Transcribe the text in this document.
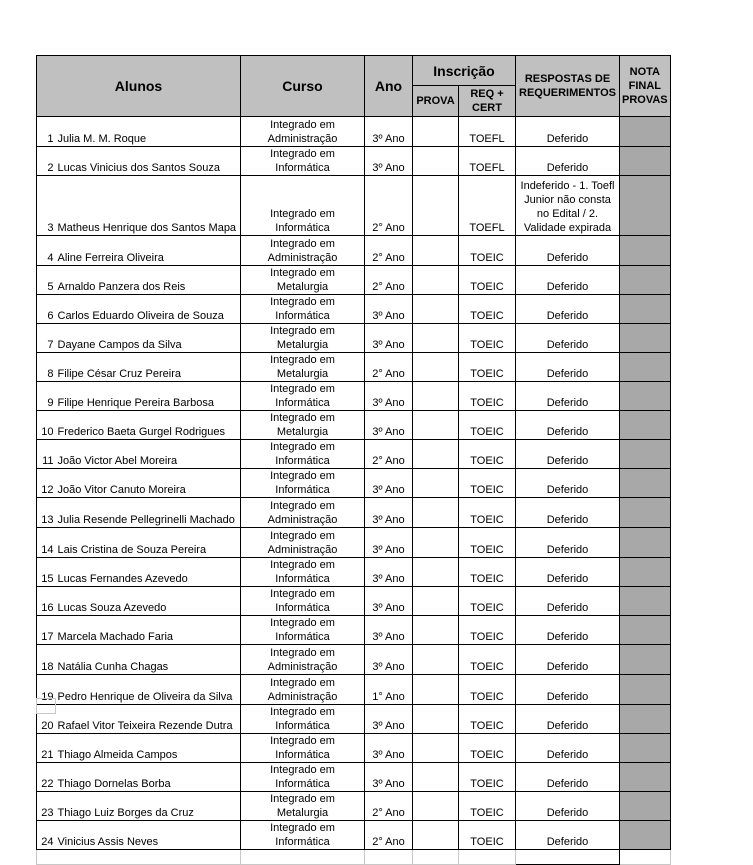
Alunos		Curso	Ano	Inscrição		RESPOSTAS DE
REQUERIMENTOS	NOTA
FINAL
PROVAS
				PROVA	REQ +
CERT		
1	Julia M. M. Roque	Integrado em Administração	3º Ano		TOEFL	Deferido	
2	Lucas Vinicius dos Santos Souza	Integrado em Informática	3º Ano		TOEFL	Deferido	
3	Matheus Henrique dos Santos Mapa	Integrado em Informática	2° Ano		TOEFL	Indeferido - 1. Toefl Junior não consta no Edital / 2. Validade expirada	
4	Aline Ferreira Oliveira	Integrado em Administração	2° Ano		TOEIC	Deferido	
5	Arnaldo Panzera dos Reis	Integrado em Metalurgia	2° Ano		TOEIC	Deferido	
6	Carlos Eduardo Oliveira de Souza	Integrado em Informática	3º Ano		TOEIC	Deferido	
7	Dayane Campos da Silva	Integrado em Metalurgia	3º Ano		TOEIC	Deferido	
8	Filipe César Cruz Pereira	Integrado em Metalurgia	2° Ano		TOEIC	Deferido	
9	Filipe Henrique Pereira Barbosa	Integrado em Informática	3º Ano		TOEIC	Deferido	
10	Frederico Baeta Gurgel Rodrigues	Integrado em Metalurgia	3º Ano		TOEIC	Deferido	
11	João Victor Abel Moreira	Integrado em Informática	2° Ano		TOEIC	Deferido	
12	João Vitor Canuto Moreira	Integrado em Informática	3º Ano		TOEIC	Deferido	
13	Julia Resende Pellegrinelli Machado	Integrado em Administração	3º Ano		TOEIC	Deferido	
14	Lais Cristina de Souza Pereira	Integrado em Administração	3º Ano		TOEIC	Deferido	
15	Lucas Fernandes Azevedo	Integrado em Informática	3º Ano		TOEIC	Deferido	
16	Lucas Souza Azevedo	Integrado em Informática	3º Ano		TOEIC	Deferido	
17	Marcela Machado Faria	Integrado em Informática	3º Ano		TOEIC	Deferido	
18	Natália Cunha Chagas	Integrado em Administração	3º Ano		TOEIC	Deferido	
19	Pedro Henrique de Oliveira da Silva	Integrado em Administração	1° Ano		TOEIC	Deferido	
20	Rafael Vitor Teixeira Rezende Dutra	Integrado em Informática	3º Ano		TOEIC	Deferido	
21	Thiago Almeida Campos	Integrado em Informática	3º Ano		TOEIC	Deferido	
22	Thiago Dornelas Borba	Integrado em Informática	3º Ano		TOEIC	Deferido	
23	Thiago Luiz Borges da Cruz	Integrado em Metalurgia	2° Ano		TOEIC	Deferido	
24	Vinicius Assis Neves	Integrado em Informática	2° Ano		TOEIC	Deferido	
